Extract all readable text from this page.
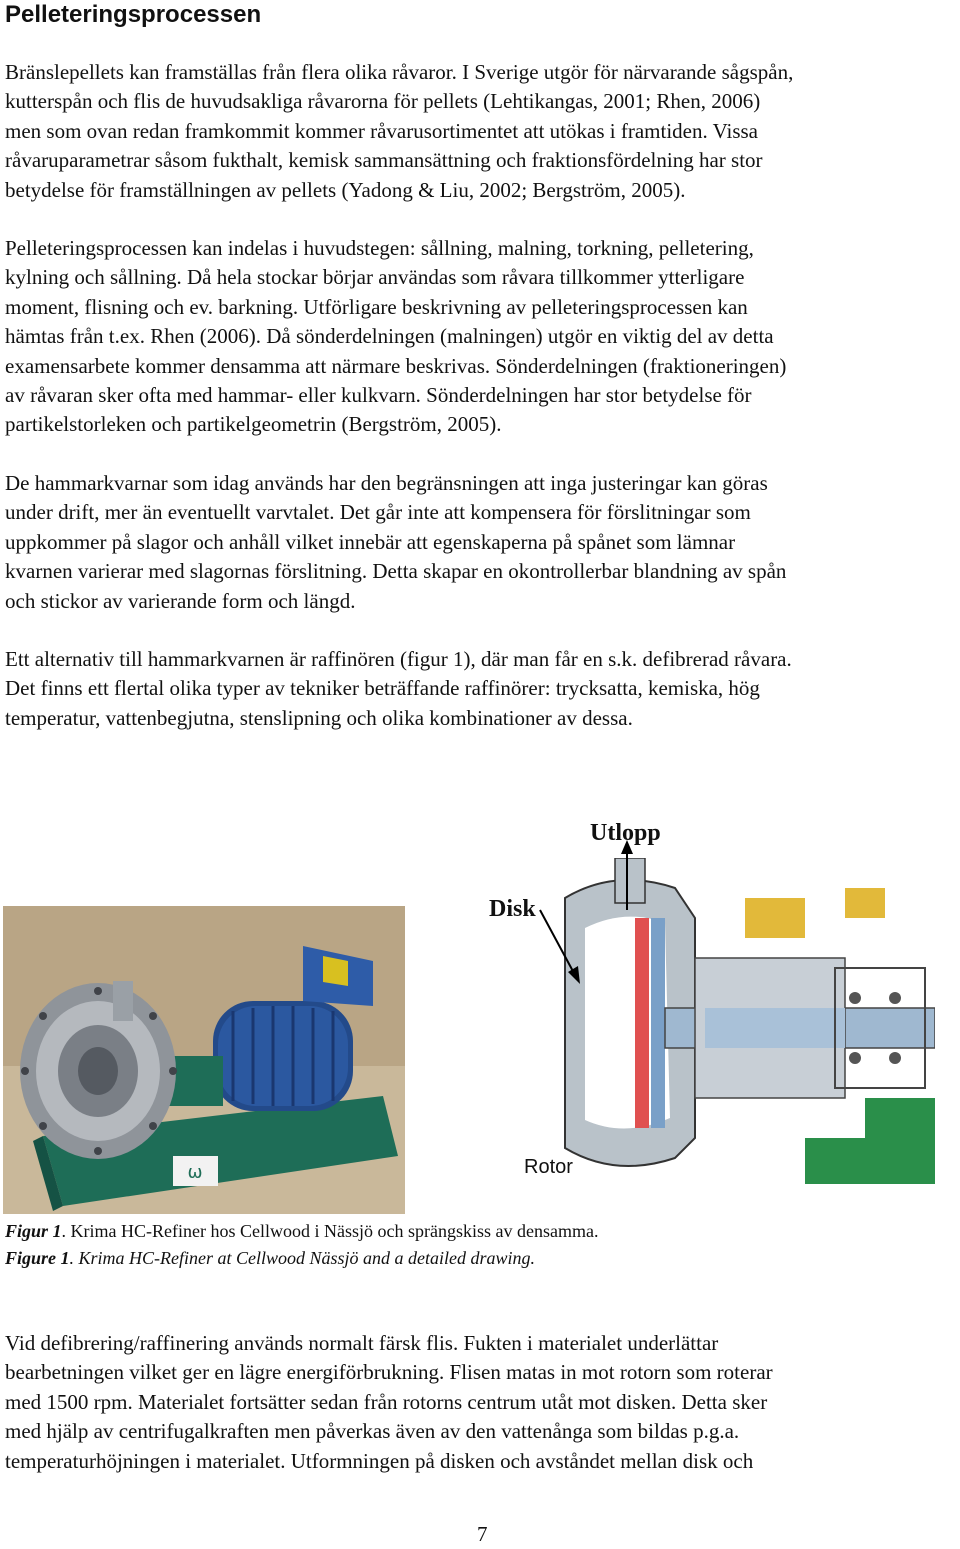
Pelleteringsprocessen

Bränslepellets kan framställas från flera olika råvaror. I Sverige utgör för närvarande sågspån,
kutterspån och flis de huvudsakliga råvarorna för pellets (Lehtikangas, 2001; Rhen, 2006)
men som ovan redan framkommit kommer råvarusortimentet att utökas i framtiden. Vissa
råvaruparametrar såsom fukthalt, kemisk sammansättning och fraktionsfördelning har stor
betydelse för framställningen av pellets (Yadong & Liu, 2002; Bergström, 2005).

Pelleteringsprocessen kan indelas i huvudstegen: sållning, malning, torkning, pelletering,
kylning och sållning. Då hela stockar börjar användas som råvara tillkommer ytterligare
moment, flisning och ev. barkning. Utförligare beskrivning av pelleteringsprocessen kan
hämtas från t.ex. Rhen (2006). Då sönderdelningen (malningen) utgör en viktig del av detta
examensarbete kommer densamma att närmare beskrivas. Sönderdelningen (fraktioneringen)
av råvaran sker ofta med hammar- eller kulkvarn. Sönderdelningen har stor betydelse för
partikelstorleken och partikelgeometrin (Bergström, 2005).

De hammarkvarnar som idag används har den begränsningen att inga justeringar kan göras
under drift, mer än eventuellt varvtalet. Det går inte att kompensera för förslitningar som
uppkommer på slagor och anhåll vilket innebär att egenskaperna på spånet som lämnar
kvarnen varierar med slagornas förslitning. Detta skapar en okontrollerbar blandning av spån
och stickor av varierande form och längd.

Ett alternativ till hammarkvarnen är raffinören (figur 1), där man får en s.k. defibrerad råvara.
Det finns ett flertal olika typer av tekniker beträffande raffinörer: trycksatta, kemiska, hög
temperatur, vattenbegjutna, stenslipning och olika kombinationer av dessa.

ω
Utlopp
Disk
Rotor

Figur 1. Krima HC-Refiner hos Cellwood i Nässjö och sprängskiss av densamma.

Figure 1. Krima HC-Refiner at Cellwood Nässjö and a detailed drawing.

Vid defibrering/raffinering används normalt färsk flis. Fukten i materialet underlättar
bearbetningen vilket ger en lägre energiförbrukning. Flisen matas in mot rotorn som roterar
med 1500 rpm. Materialet fortsätter sedan från rotorns centrum utåt mot disken. Detta sker
med hjälp av centrifugalkraften men påverkas även av den vattenånga som bildas p.g.a.
temperaturhöjningen i materialet. Utformningen på disken och avståndet mellan disk och

7
